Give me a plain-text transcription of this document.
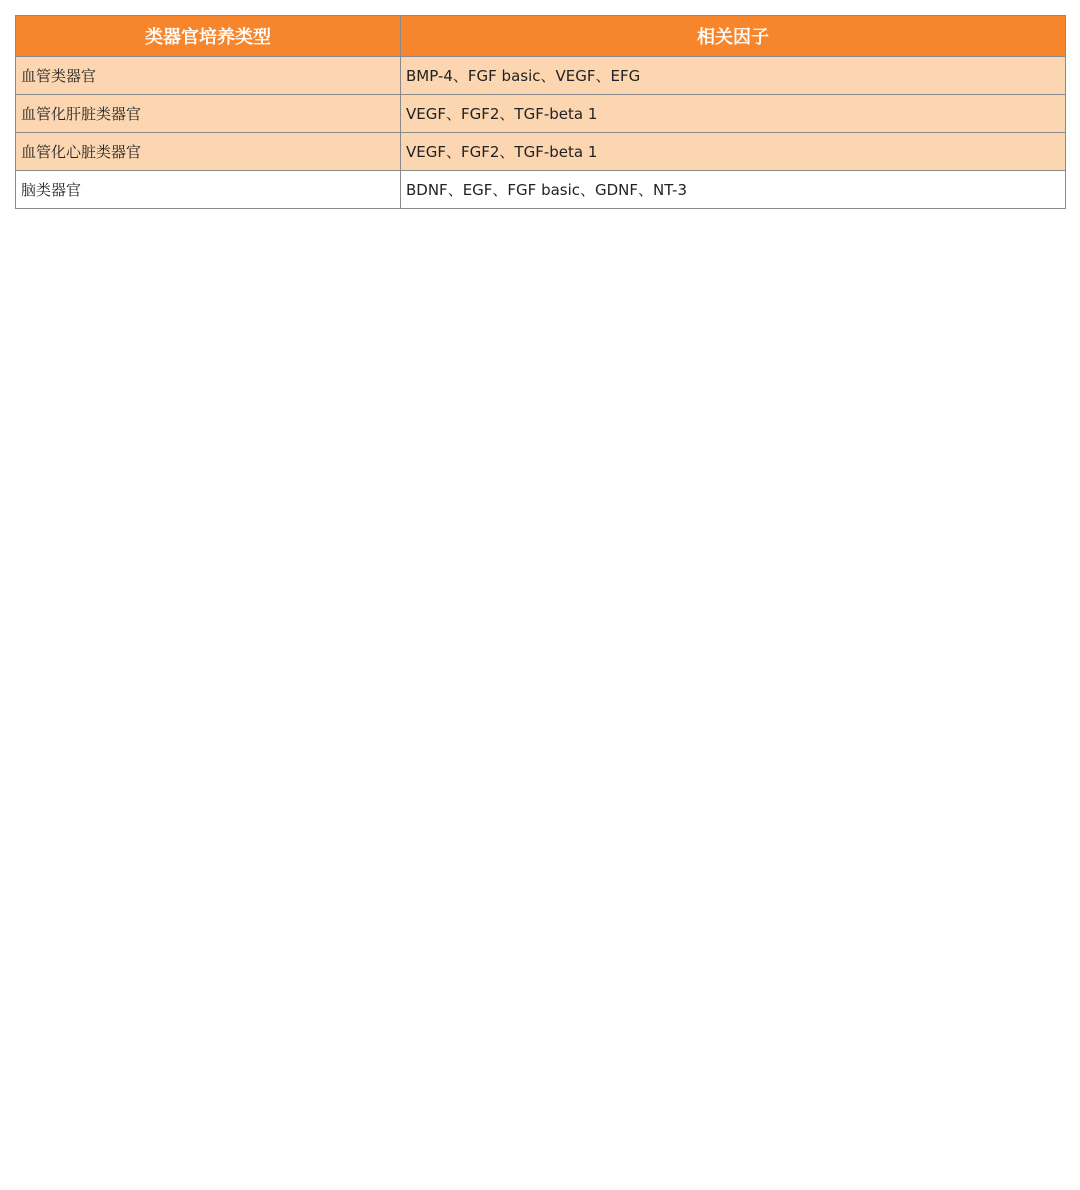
类器官培养类型	相关因子
血管类器官	BMP-4、FGF basic、VEGF、EFG
血管化肝脏类器官	VEGF、FGF2、TGF-beta 1
血管化心脏类器官	VEGF、FGF2、TGF-beta 1
脑类器官	BDNF、EGF、FGF basic、GDNF、NT-3
